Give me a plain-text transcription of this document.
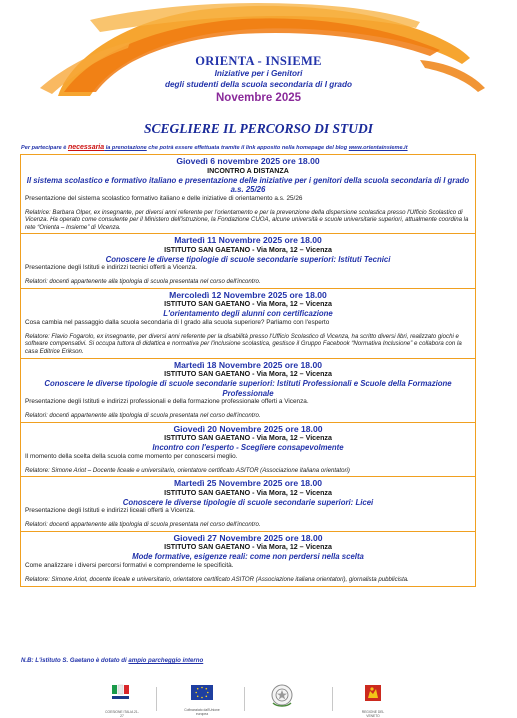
ORIENTA - INSIEME
Iniziative per i Genitori
degli studenti della scuola secondaria di I grado
Novembre 2025
SCEGLIERE IL PERCORSO DI STUDI
Per partecipare è necessaria la prenotazione che potrà essere effettuata tramite il link apposito nella homepage del blog www.orientainsieme.it
Giovedì 6 novembre 2025 ore 18.00
INCONTRO A DISTANZA
Il sistema scolastico e formativo italiano e presentazione delle iniziative per i genitori della scuola secondaria di I grado a.s. 25/26
Presentazione del sistema scolastico formativo italiano e delle iniziative di orientamento a.s. 25/26
Relatrice: Barbara Olper, ex insegnante, per diversi anni referente per l'orientamento e per la prevenzione della dispersione scolastica presso l'Ufficio Scolastico di Vicenza. Ha operato come consulente per il Ministero dell'istruzione, la Fondazione CUOA, alcune università e scuole universitarie superiori, attualmente coordina la rete “Orienta – Insieme” di Vicenza.
Martedì 11 Novembre 2025 ore 18.00
ISTITUTO SAN GAETANO - Via Mora, 12 – Vicenza
Conoscere le diverse tipologie di scuole secondarie superiori: Istituti Tecnici
Presentazione degli Istituti e indirizzi tecnici offerti a Vicenza.
Relatori: docenti appartenente alla tipologia di scuola presentata nel corso dell'incontro.
Mercoledì 12 Novembre 2025 ore 18.00
ISTITUTO SAN GAETANO - Via Mora, 12 – Vicenza
L'orientamento degli alunni con certificazione
Cosa cambia nel passaggio dalla scuola secondaria di I grado alla scuola superiore? Parliamo con l'esperto
Relatore: Flavio Fogarolo, ex insegnante, per diversi anni referente per la disabilità presso l'Ufficio Scolastico di Vicenza, ha scritto diversi libri, realizzato giochi e software compensativi. Si occupa tuttora di didattica e normativa per l'inclusione scolastica, gestisce il Gruppo Facebook “Normativa Inclusione” e collabora con la casa Editrice Erikson.
Martedì 18 Novembre 2025 ore 18.00
ISTITUTO SAN GAETANO - Via Mora, 12 – Vicenza
Conoscere le diverse tipologie di scuole secondarie superiori: Istituti Professionali e Scuole della Formazione Professionale
Presentazione degli Istituti e indirizzi professionali e della formazione professionale offerti a Vicenza.
Relatori: docenti appartenente alla tipologia di scuola presentata nel corso dell'incontro.
Giovedì 20 Novembre 2025 ore 18.00
ISTITUTO SAN GAETANO - Via Mora, 12 – Vicenza
Incontro con l'esperto - Scegliere consapevolmente
Il momento della scelta della scuola come momento per conoscersi meglio.
Relatore: Simone Ariot – Docente liceale e universitario, orientatore certificato ASITOR (Associazione italiana orientatori)
Martedì 25 Novembre 2025 ore 18.00
ISTITUTO SAN GAETANO - Via Mora, 12 – Vicenza
Conoscere le diverse tipologie di scuole secondarie superiori: Licei
Presentazione degli Istituti e indirizzi liceali offerti a Vicenza.
Relatori: docenti appartenente alla tipologia di scuola presentata nel corso dell'incontro.
Giovedì 27 Novembre 2025 ore 18.00
ISTITUTO SAN GAETANO - Via Mora, 12 – Vicenza
Mode formative, esigenze reali: come non perdersi nella scelta
Come analizzare i diversi percorsi formativi e comprenderne le specificità.
Relatore: Simone Ariot, docente liceale e universitario, orientatore certificato ASITOR (Associazione italiana orientatori), giornalista pubblicista.
N.B: L'istituto S. Gaetano è dotato di ampio parcheggio interno
COESIONE ITALIA 21-27
Cofinanziato dall'Unione europea	REGIONE DEL VENETO
